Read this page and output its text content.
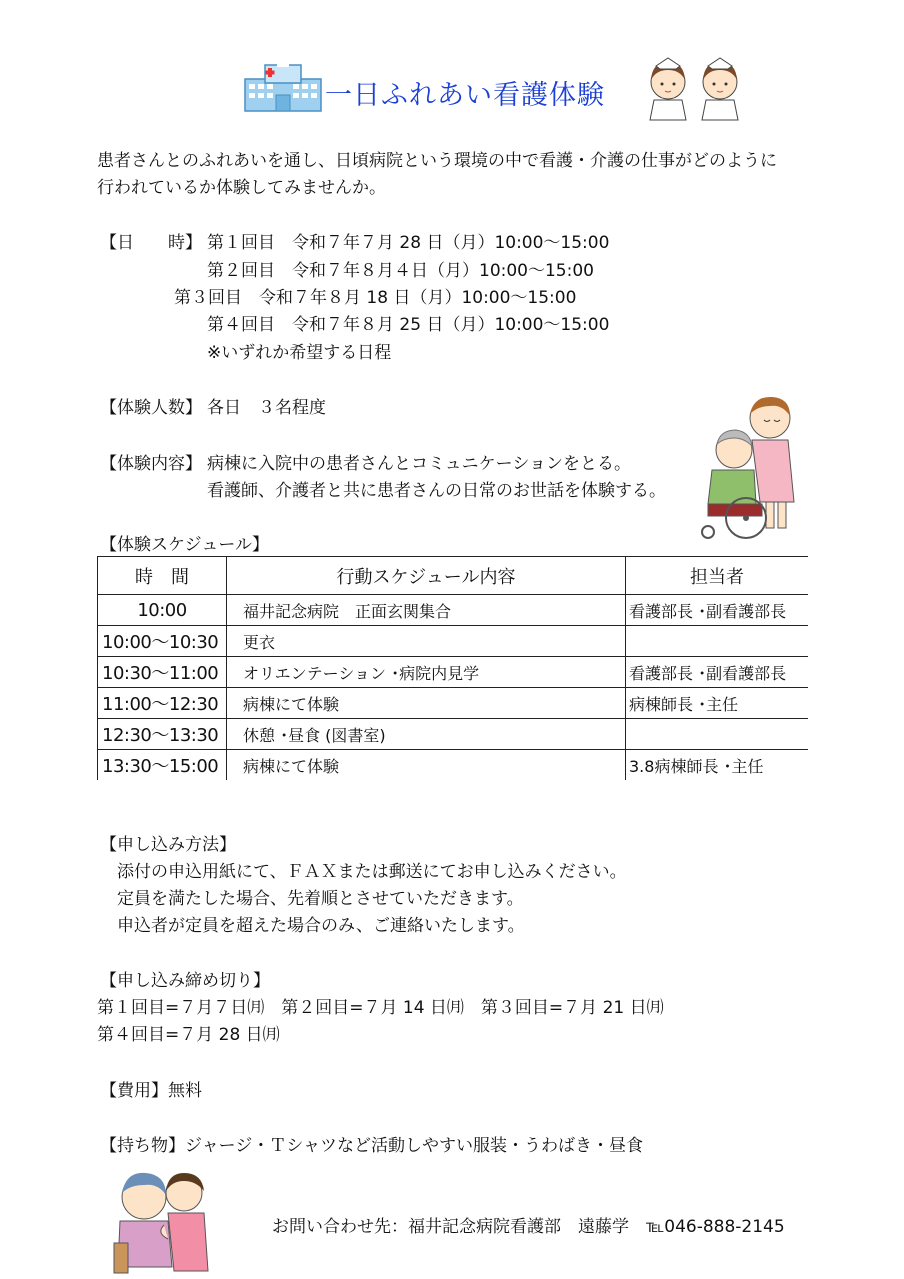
一日ふれあい看護体験
患者さんとのふれあいを通し、日頃病院という環境の中で看護・介護の仕事がどのように
行われているか体験してみませんか。
【日　　時】 第１回目　令和７年７月 28 日（月）10:00～15:00
第２回目　令和７年８月４日（月）10:00～15:00
第３回目　令和７年８月 18 日（月）10:00～15:00
第４回目　令和７年８月 25 日（月）10:00～15:00
※いずれか希望する日程
【体験人数】 各日　３名程度
【体験内容】 病棟に入院中の患者さんとコミュニケーションをとる。
看護師、介護者と共に患者さんの日常のお世話を体験する。
【体験スケジュール】
時　間	行動スケジュール内容	担当者
10:00	福井記念病院　正面玄関集合	看護部長 ･副看護部長
10:00～10:30	更衣	
10:30～11:00	オリエンテーション ･病院内見学	看護部長 ･副看護部長
11:00～12:30	病棟にて体験	病棟師長 ･主任
12:30～13:30	休憩 ･昼食 (図書室)	
13:30～15:00	病棟にて体験	3.8病棟師長 ･主任
【申し込み方法】
添付の申込用紙にて、ＦＡＸまたは郵送にてお申し込みください。
定員を満たした場合、先着順とさせていただきます。
申込者が定員を超えた場合のみ、ご連絡いたします。
【申し込み締め切り】
第１回目=７月７日㈪　第２回目=７月 14 日㈪　第３回目=７月 21 日㈪
第４回目=７月 28 日㈪
【費用】無料
【持ち物】ジャージ・Ｔシャツなど活動しやすい服装・うわばき・昼食
お問い合わせ先：福井記念病院看護部　遠藤学　℡046-888-2145
